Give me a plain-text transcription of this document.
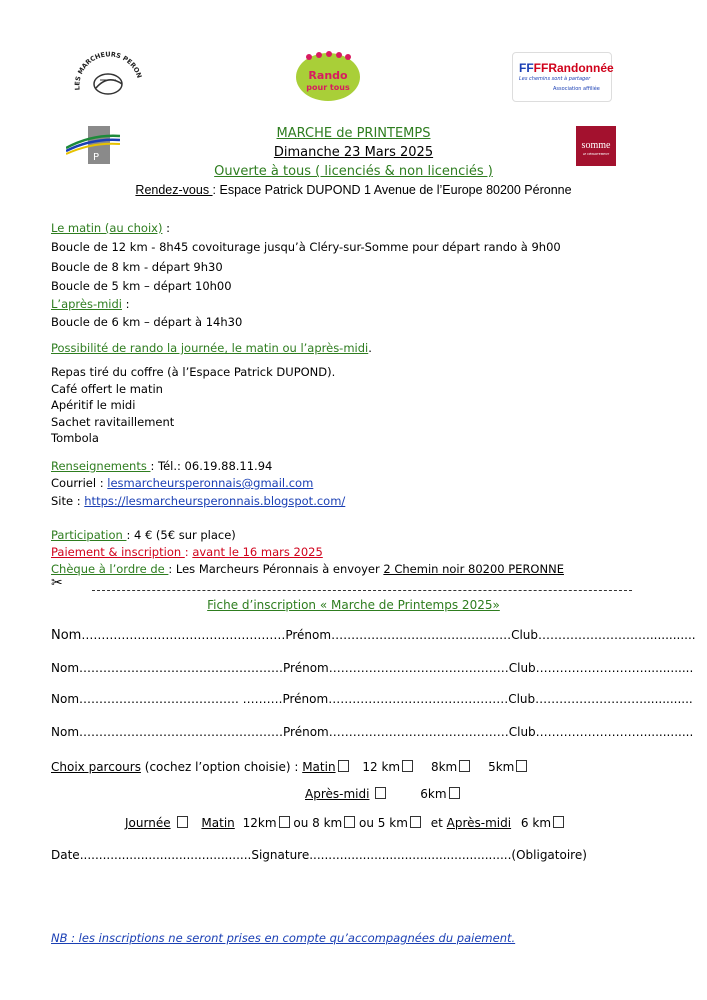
LES MARCHEURS PERO	Rando
pour tous
FFFFRandonnée
Les chemins sont à partager
Association affiliée
P
somme
LE DÉPARTEMENT
MARCHE de PRINTEMPS
Dimanche 23 Mars 2025
Ouverte à tous ( licenciés & non licenciés )
Rendez-vous : Espace Patrick DUPOND 1 Avenue de l’Europe 80200 Péronne
Le matin (au choix) :
Boucle de 12 km - 8h45 covoiturage jusqu’à Cléry-sur-Somme pour départ rando à 9h00
Boucle de 8 km - départ 9h30
Boucle de 5 km – départ 10h00
L’après-midi :
Boucle de 6 km – départ à 14h30
Possibilité de rando la journée, le matin ou l’après-midi.
Repas tiré du coffre (à l’Espace Patrick DUPOND).
Café offert le matin
Apéritif le midi
Sachet ravitaillement
Tombola
Renseignements : Tél.: 06.19.88.11.94
Courriel : lesmarcheursperonnais@gmail.com
Site : https://lesmarcheursperonnais.blogspot.com/
Participation : 4 € (5€ sur place)
Paiement & inscription : avant le 16 mars 2025
Chèque à l’ordre de : Les Marcheurs Péronnais à envoyer 2 Chemin noir 80200 PERONNE
✂
Fiche d’inscription « Marche de Printemps 2025»
Nom……………………………………………Prénom………………………………………Club……………………….............
Nom……………………………………………Prénom………………………………………Club……………………….............
Nom…………………………………. ……….Prénom………………………………………Club……………………….............
Nom……………………………………………Prénom………………………………………Club……………………….............
Choix parcours (cochez l’option choisie) : Matin 12 km	8km	5km
Après-midi	6km
Journée	Matin 12km ou 8 km ou 5 km et Après-midi 6 km
Date.............................................Signature.....................................................(Obligatoire)
NB : les inscriptions ne seront prises en compte qu’accompagnées du paiement.
